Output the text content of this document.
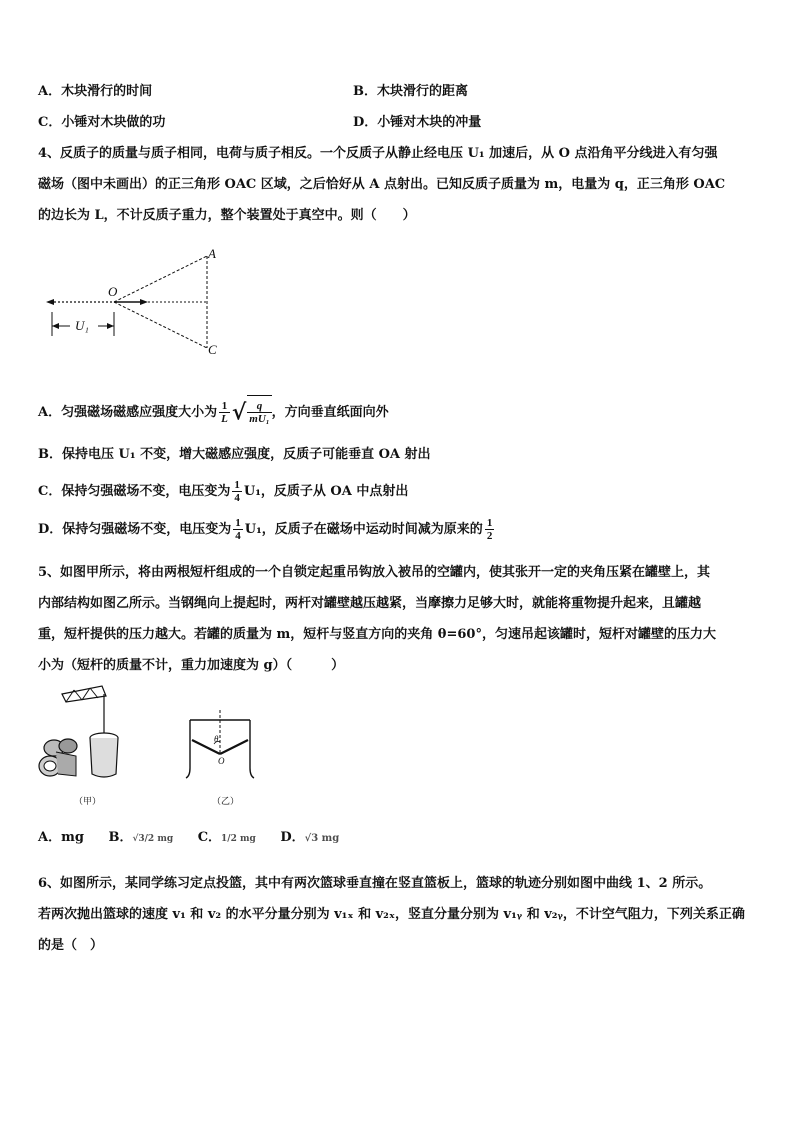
A．木块滑行的时间	B．木块滑行的距离
C．小锤对木块做的功	D．小锤对木块的冲量
4、反质子的质量与质子相同，电荷与质子相反。一个反质子从静止经电压 U₁ 加速后，从 O 点沿角平分线进入有匀强
磁场（图中未画出）的正三角形 OAC 区域，之后恰好从 A 点射出。已知反质子质量为 m，电量为 q，正三角形 OAC
的边长为 L，不计反质子重力，整个装置处于真空中。则（　　）
A
C
O
U₁
A．匀强磁场磁感应强度大小为 $\frac{1}{L}$ √ $\frac{q}{\text{mU₁}}$ ，方向垂直纸面向外
B．保持电压 U₁ 不变，增大磁感应强度，反质子可能垂直 OA 射出
C．保持匀强磁场不变，电压变为 $\frac{1}{4} U_1$，反质子从 OA 中点射出
D．保持匀强磁场不变，电压变为 $\frac{1}{4} U_1$，反质子在磁场中运动时间减为原来的 $\frac{1}{2}$
5、如图甲所示，将由两根短杆组成的一个自锁定起重吊钩放入被吊的空罐内，使其张开一定的夹角压紧在罐壁上，其
内部结构如图乙所示。当钢绳向上提起时，两杆对罐壁越压越紧，当摩擦力足够大时，就能将重物提升起来，且罐越
重，短杆提供的压力越大。若罐的质量为 m，短杆与竖直方向的夹角 θ=60°，匀速吊起该罐时，短杆对罐壁的压力大
小为（短杆的质量不计，重力加速度为 g）（　　　）
（甲）
θ
O
（乙）
A．mg B．√3/2 mg C．1/2 mg D．√3 mg
6、如图所示，某同学练习定点投篮，其中有两次篮球垂直撞在竖直篮板上，篮球的轨迹分别如图中曲线 1、2 所示。
若两次抛出篮球的速度 v₁ 和 v₂ 的水平分量分别为 v₁ₓ 和 v₂ₓ，竖直分量分别为 v₁ᵧ 和 v₂ᵧ，不计空气阻力，下列关系正确
的是（　）
